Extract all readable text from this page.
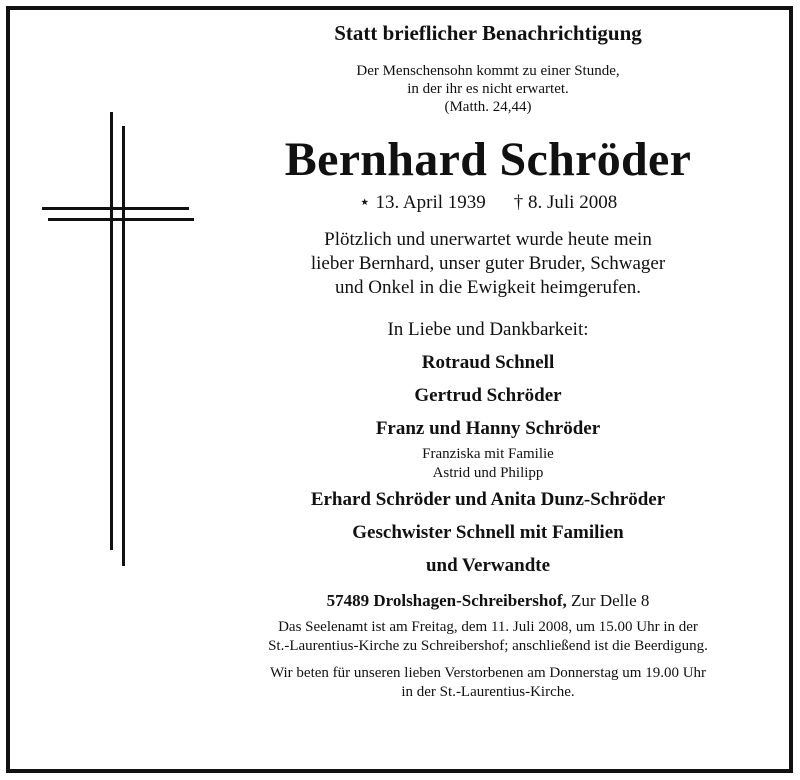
Statt brieflicher Benachrichtigung
Der Menschensohn kommt zu einer Stunde,
in der ihr es nicht erwartet.
(Matth. 24,44)
Bernhard Schröder
⋆ 13. April 1939 † 8. Juli 2008
Plötzlich und unerwartet wurde heute mein
lieber Bernhard, unser guter Bruder, Schwager
und Onkel in die Ewigkeit heimgerufen.
In Liebe und Dankbarkeit:
Rotraud Schnell
Gertrud Schröder
Franz und Hanny Schröder
Franziska mit Familie
Astrid und Philipp
Erhard Schröder und Anita Dunz-Schröder
Geschwister Schnell mit Familien
und Verwandte
57489 Drolshagen-Schreibershof, Zur Delle 8
Das Seelenamt ist am Freitag, dem 11. Juli 2008, um 15.00 Uhr in der
St.-Laurentius-Kirche zu Schreibershof; anschließend ist die Beerdigung.
Wir beten für unseren lieben Verstorbenen am Donnerstag um 19.00 Uhr
in der St.-Laurentius-Kirche.
